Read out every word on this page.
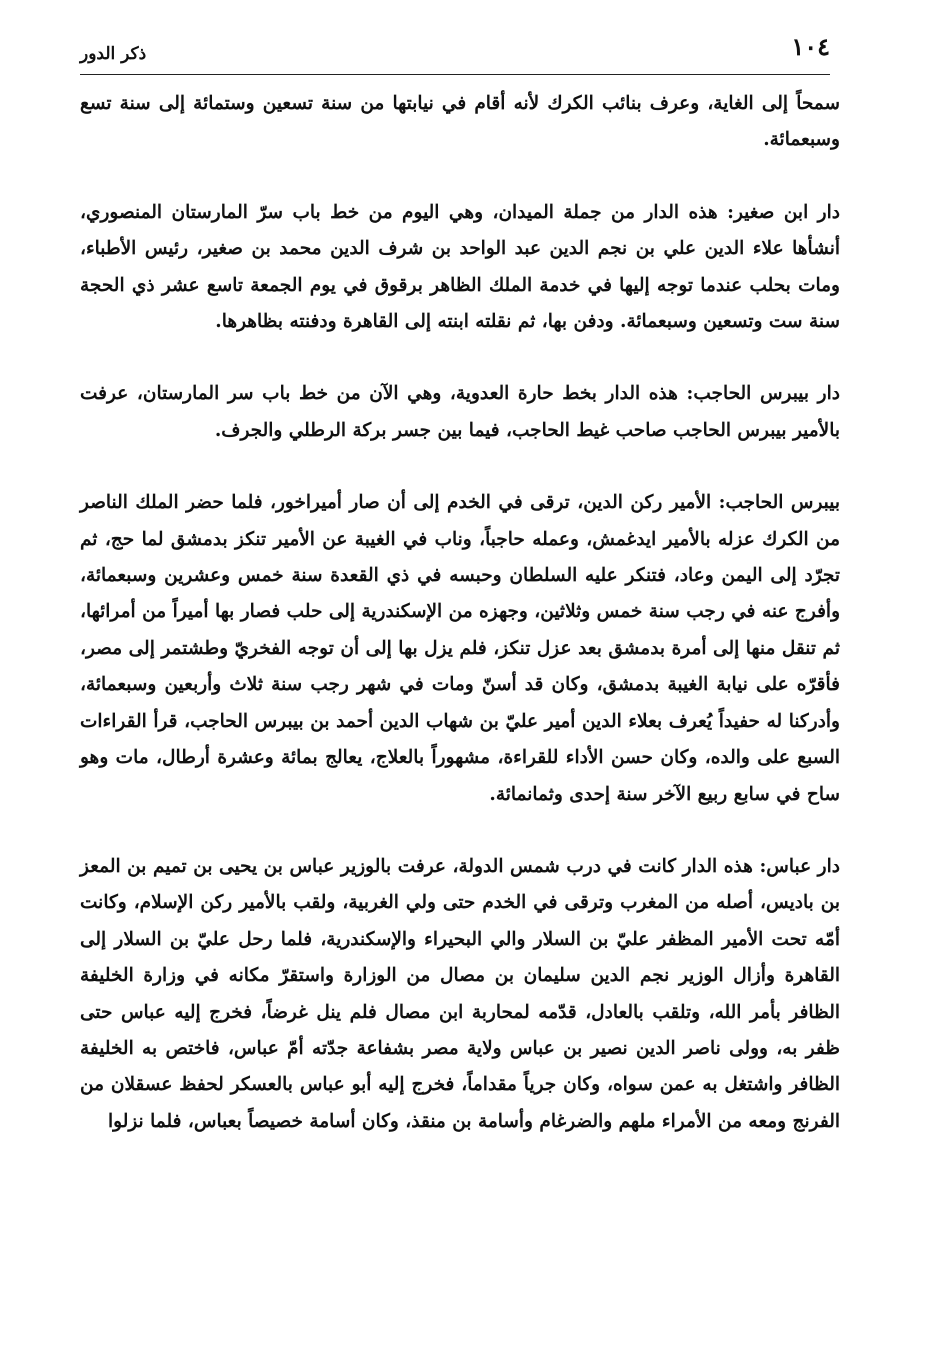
١٠٤
ذكر الدور

سمحاً إلى الغاية، وعرف بنائب الكرك لأنه أقام في نيابتها من سنة تسعين وستمائة إلى سنة تسع وسبعمائة.

دار ابن صغير: هذه الدار من جملة الميدان، وهي اليوم من خط باب سرّ المارستان المنصوري، أنشأها علاء الدين علي بن نجم الدين عبد الواحد بن شرف الدين محمد بن صغير، رئيس الأطباء، ومات بحلب عندما توجه إليها في خدمة الملك الظاهر برقوق في يوم الجمعة تاسع عشر ذي الحجة سنة ست وتسعين وسبعمائة. ودفن بها، ثم نقلته ابنته إلى القاهرة ودفنته بظاهرها.

دار بيبرس الحاجب: هذه الدار بخط حارة العدوية، وهي الآن من خط باب سر المارستان، عرفت بالأمير بيبرس الحاجب صاحب غيط الحاجب، فيما بين جسر بركة الرطلي والجرف.

بيبرس الحاجب: الأمير ركن الدين، ترقى في الخدم إلى أن صار أميراخور، فلما حضر الملك الناصر من الكرك عزله بالأمير ايدغمش، وعمله حاجباً، وناب في الغيبة عن الأمير تنكز بدمشق لما حج، ثم تجرّد إلى اليمن وعاد، فتنكر عليه السلطان وحبسه في ذي القعدة سنة خمس وعشرين وسبعمائة، وأفرج عنه في رجب سنة خمس وثلاثين، وجهزه من الإسكندرية إلى حلب فصار بها أميراً من أمرائها، ثم تنقل منها إلى أمرة بدمشق بعد عزل تنكز، فلم يزل بها إلى أن توجه الفخريّ وطشتمر إلى مصر، فأقرّه على نيابة الغيبة بدمشق، وكان قد أسنّ ومات في شهر رجب سنة ثلاث وأربعين وسبعمائة، وأدركنا له حفيداً يُعرف بعلاء الدين أمير عليّ بن شهاب الدين أحمد بن بيبرس الحاجب، قرأ القراءات السبع على والده، وكان حسن الأداء للقراءة، مشهوراً بالعلاج، يعالج بمائة وعشرة أرطال، مات وهو ساح في سابع ربيع الآخر سنة إحدى وثمانمائة.

دار عباس: هذه الدار كانت في درب شمس الدولة، عرفت بالوزير عباس بن يحيى بن تميم بن المعز بن باديس، أصله من المغرب وترقى في الخدم حتى ولي الغربية، ولقب بالأمير ركن الإسلام، وكانت أمّه تحت الأمير المظفر عليّ بن السلار والي البحيراء والإسكندرية، فلما رحل عليّ بن السلار إلى القاهرة وأزال الوزير نجم الدين سليمان بن مصال من الوزارة واستقرّ مكانه في وزارة الخليفة الظافر بأمر الله، وتلقب بالعادل، قدّمه لمحاربة ابن مصال فلم ينل غرضاً، فخرج إليه عباس حتى ظفر به، وولى ناصر الدين نصير بن عباس ولاية مصر بشفاعة جدّته أمّ عباس، فاختص به الخليفة الظافر واشتغل به عمن سواه، وكان جرياً مقداماً، فخرج إليه أبو عباس بالعسكر لحفظ عسقلان من الفرنج ومعه من الأمراء ملهم والضرغام وأسامة بن منقذ، وكان أسامة خصيصاً بعباس، فلما نزلوا
